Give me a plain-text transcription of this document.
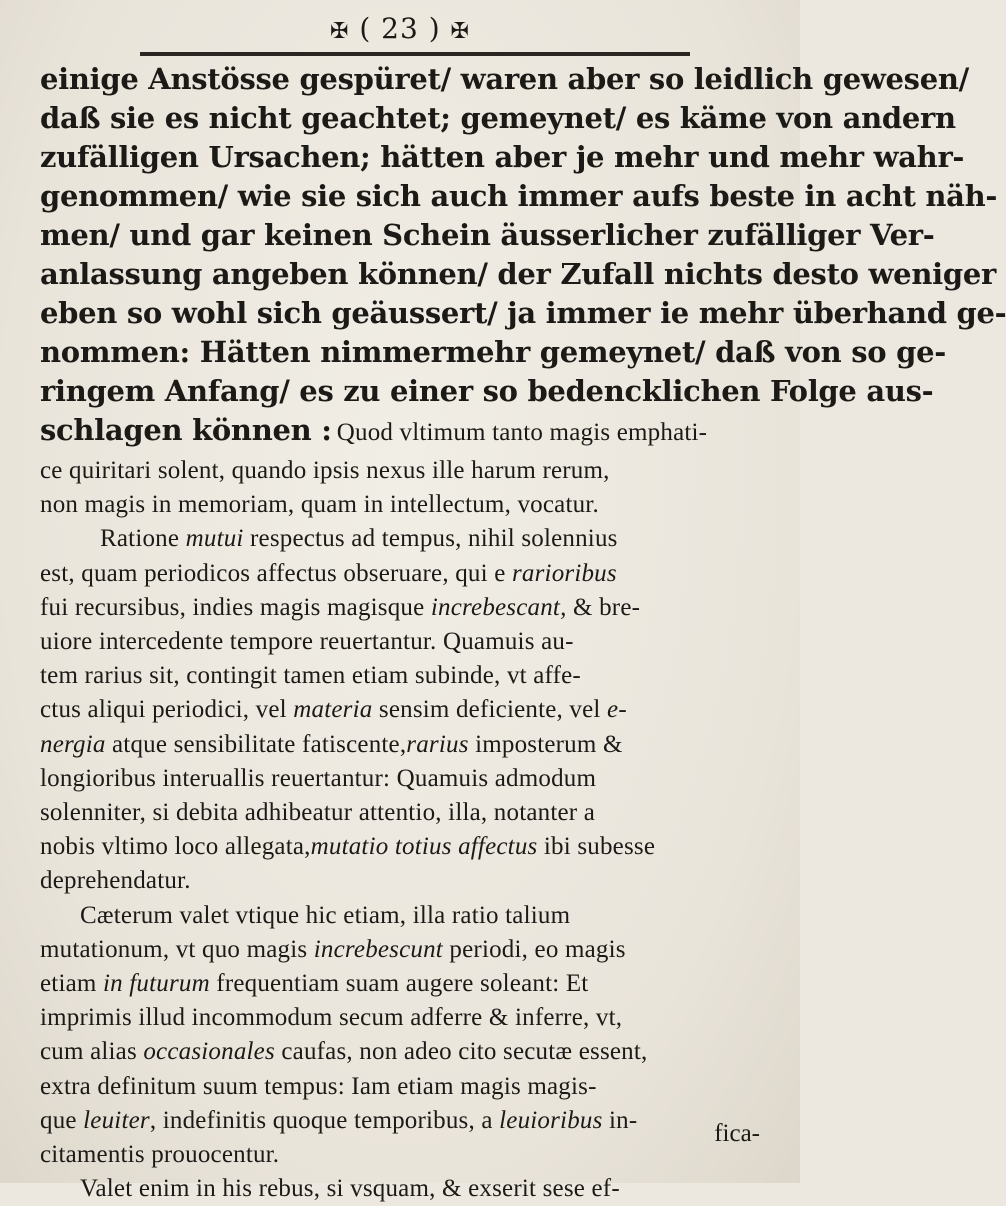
✠ ( 23 ) ✠
einige Anstösse gespüret/ waren aber so leidlich gewesen/
daß sie es nicht geachtet; gemeynet/ es käme von andern
zufälligen Ursachen; hätten aber je mehr und mehr wahr-
genommen/ wie sie sich auch immer aufs beste in acht näh-
men/ und gar keinen Schein äusserlicher zufälliger Ver-
anlassung angeben können/ der Zufall nichts desto weniger
eben so wohl sich geäussert/ ja immer ie mehr überhand ge-
nommen: Hätten nimmermehr gemeynet/ daß von so ge-
ringem Anfang/ es zu einer so bedencklichen Folge aus-
schlagen können : Quod vltimum tanto magis emphati-
ce quiritari solent, quando ipsis nexus ille harum rerum,
non magis in memoriam, quam in intellectum, vocatur.
Ratione mutui respectus ad tempus, nihil solennius
est, quam periodicos affectus obseruare, qui e rarioribus
fui recursibus, indies magis magisque increbescant, & bre-
uiore intercedente tempore reuertantur. Quamuis au-
tem rarius sit, contingit tamen etiam subinde, vt affe-
ctus aliqui periodici, vel materia sensim deficiente, vel e-
nergia atque sensibilitate fatiscente,rarius imposterum &
longioribus interuallis reuertantur: Quamuis admodum
solenniter, si debita adhibeatur attentio, illa, notanter a
nobis vltimo loco allegata,mutatio totius affectus ibi subesse
deprehendatur.
Cæterum valet vtique hic etiam, illa ratio talium
mutationum, vt quo magis increbescunt periodi, eo magis
etiam in futurum frequentiam suam augere soleant: Et
imprimis illud incommodum secum adferre & inferre, vt,
cum alias occasionales caufas, non adeo cito secutæ essent,
extra definitum suum tempus: Iam etiam magis magis-
que leuiter, indefinitis quoque temporibus, a leuioribus in-
citamentis prouocentur.
Valet enim in his rebus, si vsquam, & exserit sese ef-
fica-
